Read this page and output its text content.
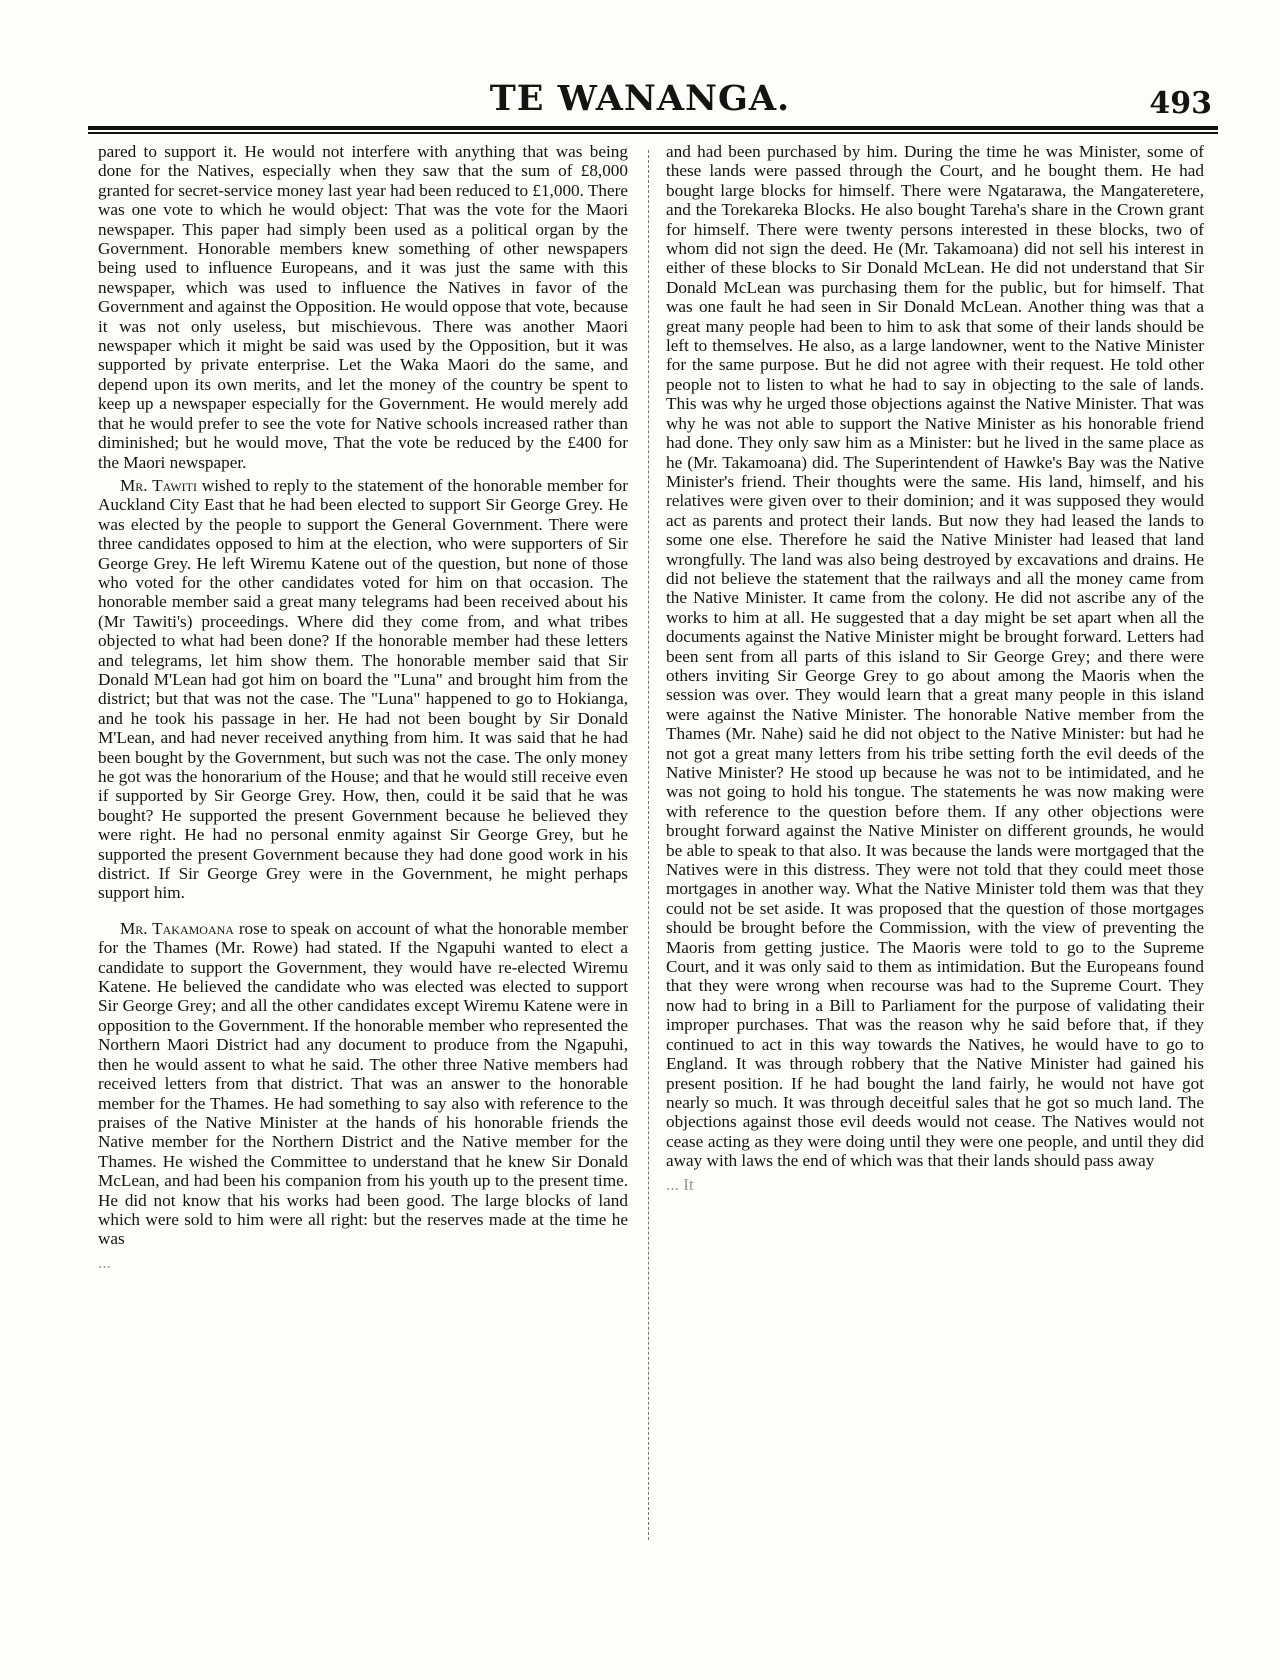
TE WANANGA.	493

pared to support it. He would not interfere with anything that was being done for the Natives, especially when they saw that the sum of £8,000 granted for secret-service money last year had been reduced to £1,000. There was one vote to which he would object: That was the vote for the Maori newspaper. This paper had simply been used as a political organ by the Government. Honorable members knew something of other newspapers being used to influence Europeans, and it was just the same with this newspaper, which was used to influence the Natives in favor of the Government and against the Opposition. He would oppose that vote, because it was not only useless, but mischievous. There was another Maori newspaper which it might be said was used by the Opposition, but it was supported by private enterprise. Let the Waka Maori do the same, and depend upon its own merits, and let the money of the country be spent to keep up a newspaper especially for the Government. He would merely add that he would prefer to see the vote for Native schools increased rather than diminished; but he would move, That the vote be reduced by the £400 for the Maori newspaper.

Mr. Tawiti wished to reply to the statement of the honorable member for Auckland City East that he had been elected to support Sir George Grey. He was elected by the people to support the General Government. There were three candidates opposed to him at the election, who were supporters of Sir George Grey. He left Wiremu Katene out of the question, but none of those who voted for the other candidates voted for him on that occasion. The honorable member said a great many telegrams had been received about his (Mr Tawiti's) proceedings. Where did they come from, and what tribes objected to what had been done? If the honorable member had these letters and telegrams, let him show them. The honorable member said that Sir Donald M'Lean had got him on board the "Luna" and brought him from the district; but that was not the case. The "Luna" happened to go to Hokianga, and he took his passage in her. He had not been bought by Sir Donald M'Lean, and had never received anything from him. It was said that he had been bought by the Government, but such was not the case. The only money he got was the honorarium of the House; and that he would still receive even if supported by Sir George Grey. How, then, could it be said that he was bought? He supported the present Government because he believed they were right. He had no personal enmity against Sir George Grey, but he supported the present Government because they had done good work in his district. If Sir George Grey were in the Government, he might perhaps support him.

Mr. Takamoana rose to speak on account of what the honorable member for the Thames (Mr. Rowe) had stated. If the Ngapuhi wanted to elect a candidate to support the Government, they would have re-elected Wiremu Katene. He believed the candidate who was elected was elected to support Sir George Grey; and all the other candidates except Wiremu Katene were in opposition to the Government. If the honorable member who represented the Northern Maori District had any document to produce from the Ngapuhi, then he would assent to what he said. The other three Native members had received letters from that district. That was an answer to the honorable member for the Thames. He had something to say also with reference to the praises of the Native Minister at the hands of his honorable friends the Native member for the Northern District and the Native member for the Thames. He wished the Committee to understand that he knew Sir Donald McLean, and had been his companion from his youth up to the present time. He did not know that his works had been good. The large blocks of land which were sold to him were all right: but the reserves made at the time he was

...

and had been purchased by him. During the time he was Minister, some of these lands were passed through the Court, and he bought them. He had bought large blocks for himself. There were Ngatarawa, the Mangateretere, and the Torekareka Blocks. He also bought Tareha's share in the Crown grant for himself. There were twenty persons interested in these blocks, two of whom did not sign the deed. He (Mr. Takamoana) did not sell his interest in either of these blocks to Sir Donald McLean. He did not understand that Sir Donald McLean was purchasing them for the public, but for himself. That was one fault he had seen in Sir Donald McLean. Another thing was that a great many people had been to him to ask that some of their lands should be left to themselves. He also, as a large landowner, went to the Native Minister for the same purpose. But he did not agree with their request. He told other people not to listen to what he had to say in objecting to the sale of lands. This was why he urged those objections against the Native Minister. That was why he was not able to support the Native Minister as his honorable friend had done. They only saw him as a Minister: but he lived in the same place as he (Mr. Takamoana) did. The Superintendent of Hawke's Bay was the Native Minister's friend. Their thoughts were the same. His land, himself, and his relatives were given over to their dominion; and it was supposed they would act as parents and protect their lands. But now they had leased the lands to some one else. Therefore he said the Native Minister had leased that land wrongfully. The land was also being destroyed by excavations and drains. He did not believe the statement that the railways and all the money came from the Native Minister. It came from the colony. He did not ascribe any of the works to him at all. He suggested that a day might be set apart when all the documents against the Native Minister might be brought forward. Letters had been sent from all parts of this island to Sir George Grey; and there were others inviting Sir George Grey to go about among the Maoris when the session was over. They would learn that a great many people in this island were against the Native Minister. The honorable Native member from the Thames (Mr. Nahe) said he did not object to the Native Minister: but had he not got a great many letters from his tribe setting forth the evil deeds of the Native Minister? He stood up because he was not to be intimidated, and he was not going to hold his tongue. The statements he was now making were with reference to the question before them. If any other objections were brought forward against the Native Minister on different grounds, he would be able to speak to that also. It was because the lands were mortgaged that the Natives were in this distress. They were not told that they could meet those mortgages in another way. What the Native Minister told them was that they could not be set aside. It was proposed that the question of those mortgages should be brought before the Commission, with the view of preventing the Maoris from getting justice. The Maoris were told to go to the Supreme Court, and it was only said to them as intimidation. But the Europeans found that they were wrong when recourse was had to the Supreme Court. They now had to bring in a Bill to Parliament for the purpose of validating their improper purchases. That was the reason why he said before that, if they continued to act in this way towards the Natives, he would have to go to England. It was through robbery that the Native Minister had gained his present position. If he had bought the land fairly, he would not have got nearly so much. It was through deceitful sales that he got so much land. The objections against those evil deeds would not cease. The Natives would not cease acting as they were doing until they were one people, and until they did away with laws the end of which was that their lands should pass away

... It
